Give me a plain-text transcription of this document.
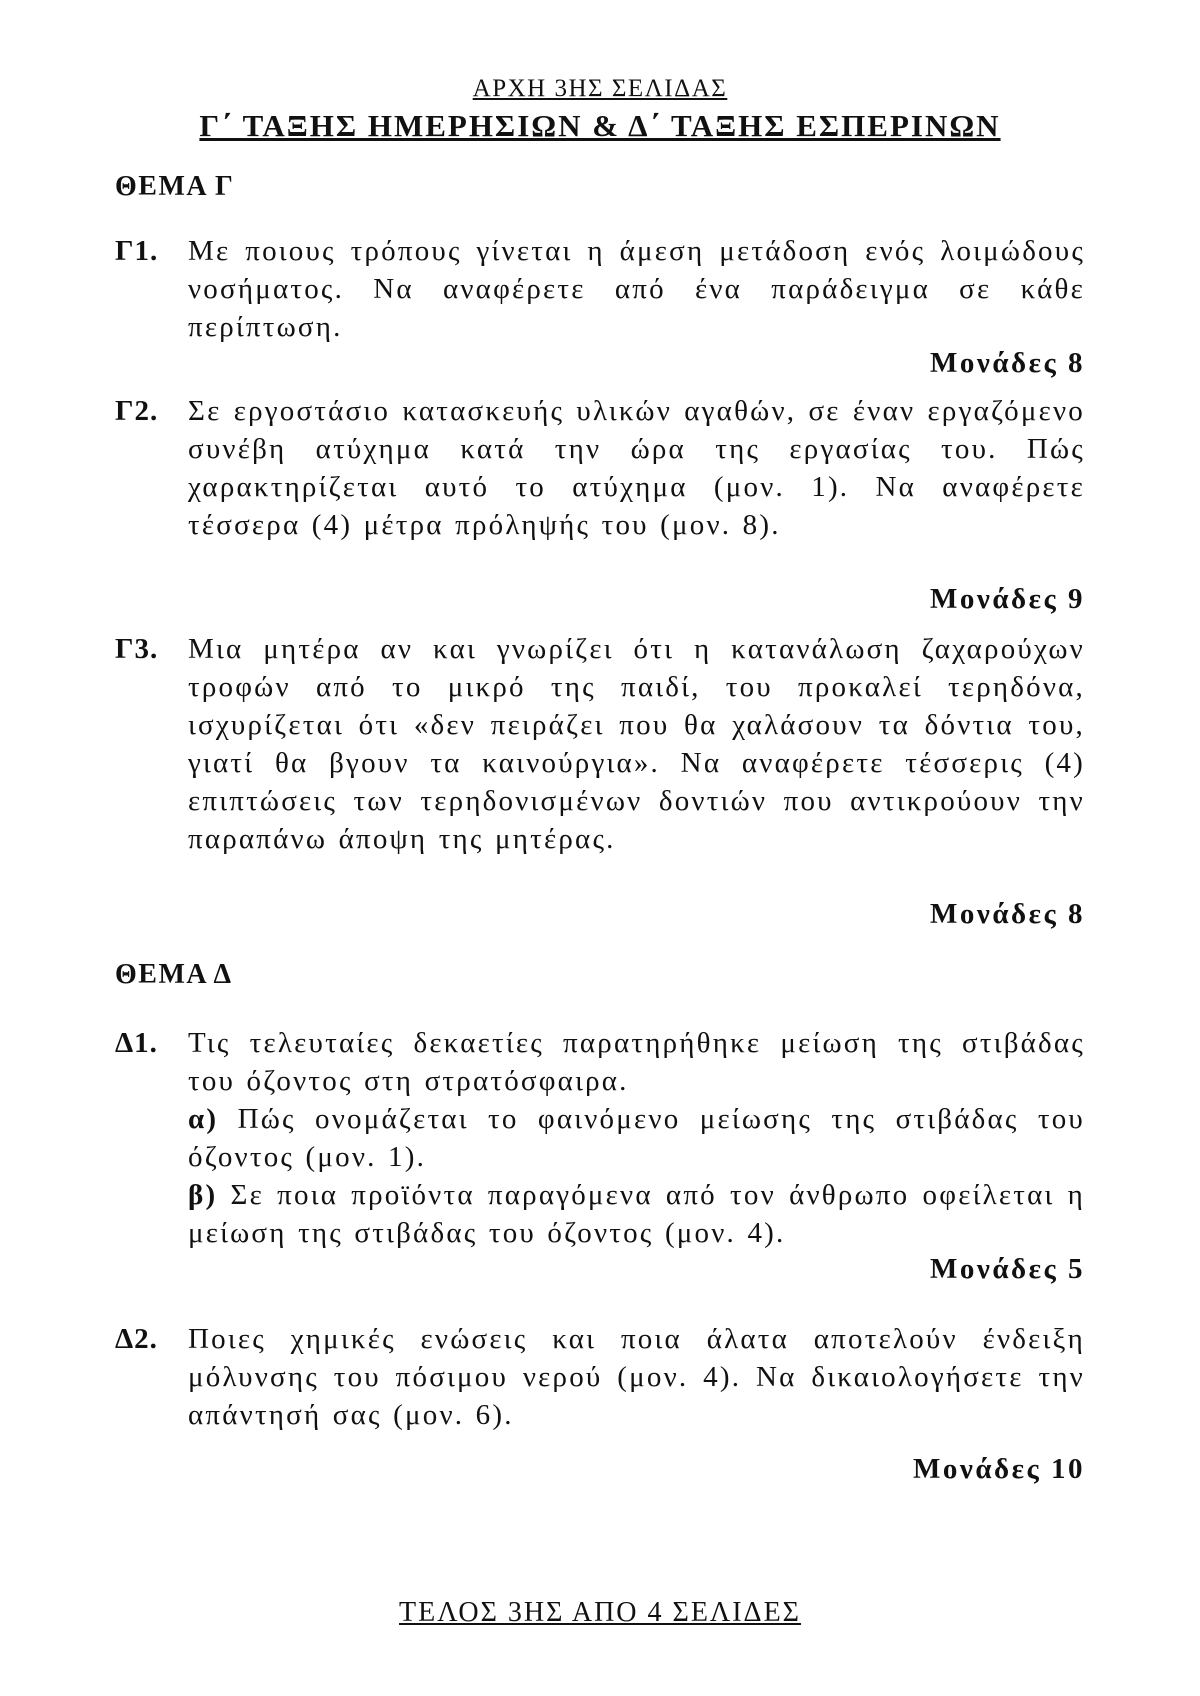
ΑΡΧΗ 3ΗΣ ΣΕΛΙΔΑΣ
Γ΄ ΤΑΞΗΣ ΗΜΕΡΗΣΙΩΝ & Δ΄ ΤΑΞΗΣ ΕΣΠΕΡΙΝΩΝ
ΘΕΜΑ Γ
Γ1. Με ποιους τρόπους γίνεται η άμεση μετάδοση ενός λοιμώδους νοσήματος. Να αναφέρετε από ένα παράδειγμα σε κάθε περίπτωση.
Μονάδες 8
Γ2. Σε εργοστάσιο κατασκευής υλικών αγαθών, σε έναν εργαζόμενο συνέβη ατύχημα κατά την ώρα της εργασίας του. Πώς χαρακτηρίζεται αυτό το ατύχημα (μον. 1). Να αναφέρετε τέσσερα (4) μέτρα πρόληψής του (μον. 8).
Μονάδες 9
Γ3. Μια μητέρα αν και γνωρίζει ότι η κατανάλωση ζαχαρούχων τροφών από το μικρό της παιδί, του προκαλεί τερηδόνα, ισχυρίζεται ότι «δεν πειράζει που θα χαλάσουν τα δόντια του, γιατί θα βγουν τα καινούργια». Να αναφέρετε τέσσερις (4) επιπτώσεις των τερηδονισμένων δοντιών που αντικρούουν την παραπάνω άποψη της μητέρας.
Μονάδες 8
ΘΕΜΑ Δ
Δ1. Τις τελευταίες δεκαετίες παρατηρήθηκε μείωση της στιβάδας του όζοντος στη στρατόσφαιρα.
α) Πώς ονομάζεται το φαινόμενο μείωσης της στιβάδας του όζοντος (μον. 1).
β) Σε ποια προϊόντα παραγόμενα από τον άνθρωπο οφείλεται η μείωση της στιβάδας του όζοντος (μον. 4).
Μονάδες 5
Δ2. Ποιες χημικές ενώσεις και ποια άλατα αποτελούν ένδειξη μόλυνσης του πόσιμου νερού (μον. 4). Να δικαιολογήσετε την απάντησή σας (μον. 6).
Μονάδες 10
ΤΕΛΟΣ 3ΗΣ ΑΠΟ 4 ΣΕΛΙΔΕΣ
